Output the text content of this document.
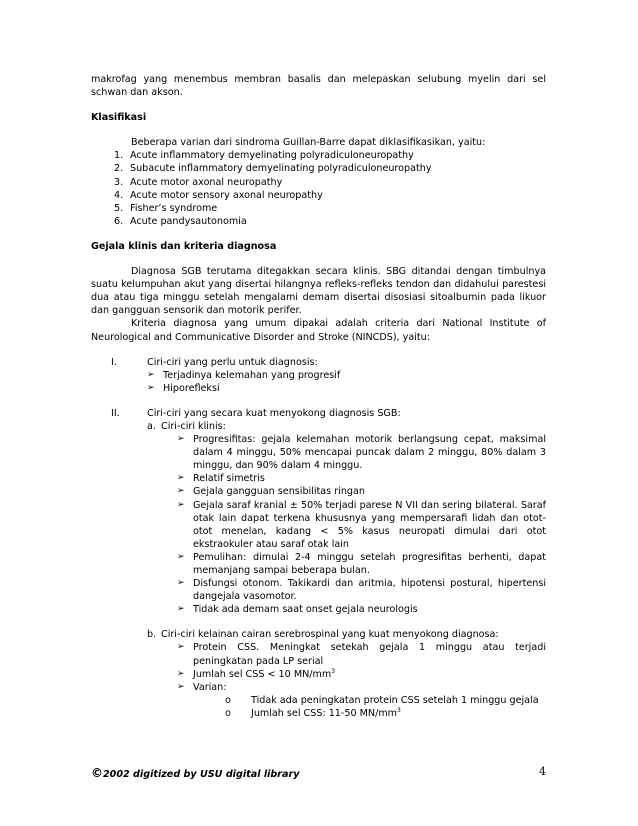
makrofag yang menembus membran basalis dan melepaskan selubung myelin dari sel schwan dan akson.

Klasifikasi

Beberapa varian dari sindroma Guillan-Barre dapat diklasifikasikan, yaitu:

1. Acute inflammatory demyelinating polyradiculoneuropathy
2. Subacute inflammatory demyelinating polyradiculoneuropathy
3. Acute motor axonal neuropathy
4. Acute motor sensory axonal neuropathy
5. Fisher’s syndrome
6. Acute pandysautonomia

Gejala klinis dan kriteria diagnosa

Diagnosa SGB terutama ditegakkan secara klinis. SBG ditandai dengan timbulnya suatu kelumpuhan akut yang disertai hilangnya refleks-refleks tendon dan didahului parestesi dua atau tiga minggu setelah mengalami demam disertai disosiasi sitoalbumin pada likuor dan gangguan sensorik dan motorik perifer.

Kriteria diagnosa yang umum dipakai adalah criteria dari National Institute of Neurological and Communicative Disorder and Stroke (NINCDS), yaitu:

I.	Ciri-ciri yang perlu untuk diagnosis:

➢ Terjadinya kelemahan yang progresif
➢ Hiporefleksi
II.	Ciri-ciri yang secara kuat menyokong diagnosis SGB:

a. Ciri-ciri klinis:

➢ Progresifitas: gejala kelemahan motorik berlangsung cepat, maksimal dalam 4 minggu, 50% mencapai puncak dalam 2 minggu, 80% dalam 3 minggu, dan 90% dalam 4 minggu.
➢ Relatif simetris
➢ Gejala gangguan sensibilitas ringan
➢ Gejala saraf kranial ± 50% terjadi parese N VII dan sering bilateral. Saraf otak lain dapat terkena khususnya yang mempersarafi lidah dan otot-otot menelan, kadang < 5% kasus neuropati dimulai dari otot ekstraokuler atau saraf otak lain
➢ Pemulihan: dimulai 2-4 minggu setelah progresifitas berhenti, dapat memanjang sampai beberapa bulan.
➢ Disfungsi otonom. Takikardi dan aritmia, hipotensi postural, hipertensi dangejala vasomotor.
➢ Tidak ada demam saat onset gejala neurologis
b. Ciri-ciri kelainan cairan serebrospinal yang kuat menyokong diagnosa:

➢ Protein CSS. Meningkat setekah gejala 1 minggu atau terjadi peningkatan pada LP serial
➢ Jumlah sel CSS < 10 $MN/mm^3$
➢ Varian:
o Tidak ada peningkatan protein CSS setelah 1 minggu gejala
o Jumlah sel CSS: 11-50 $MN/mm^3$
©2002 digitized by USU digital library	4
